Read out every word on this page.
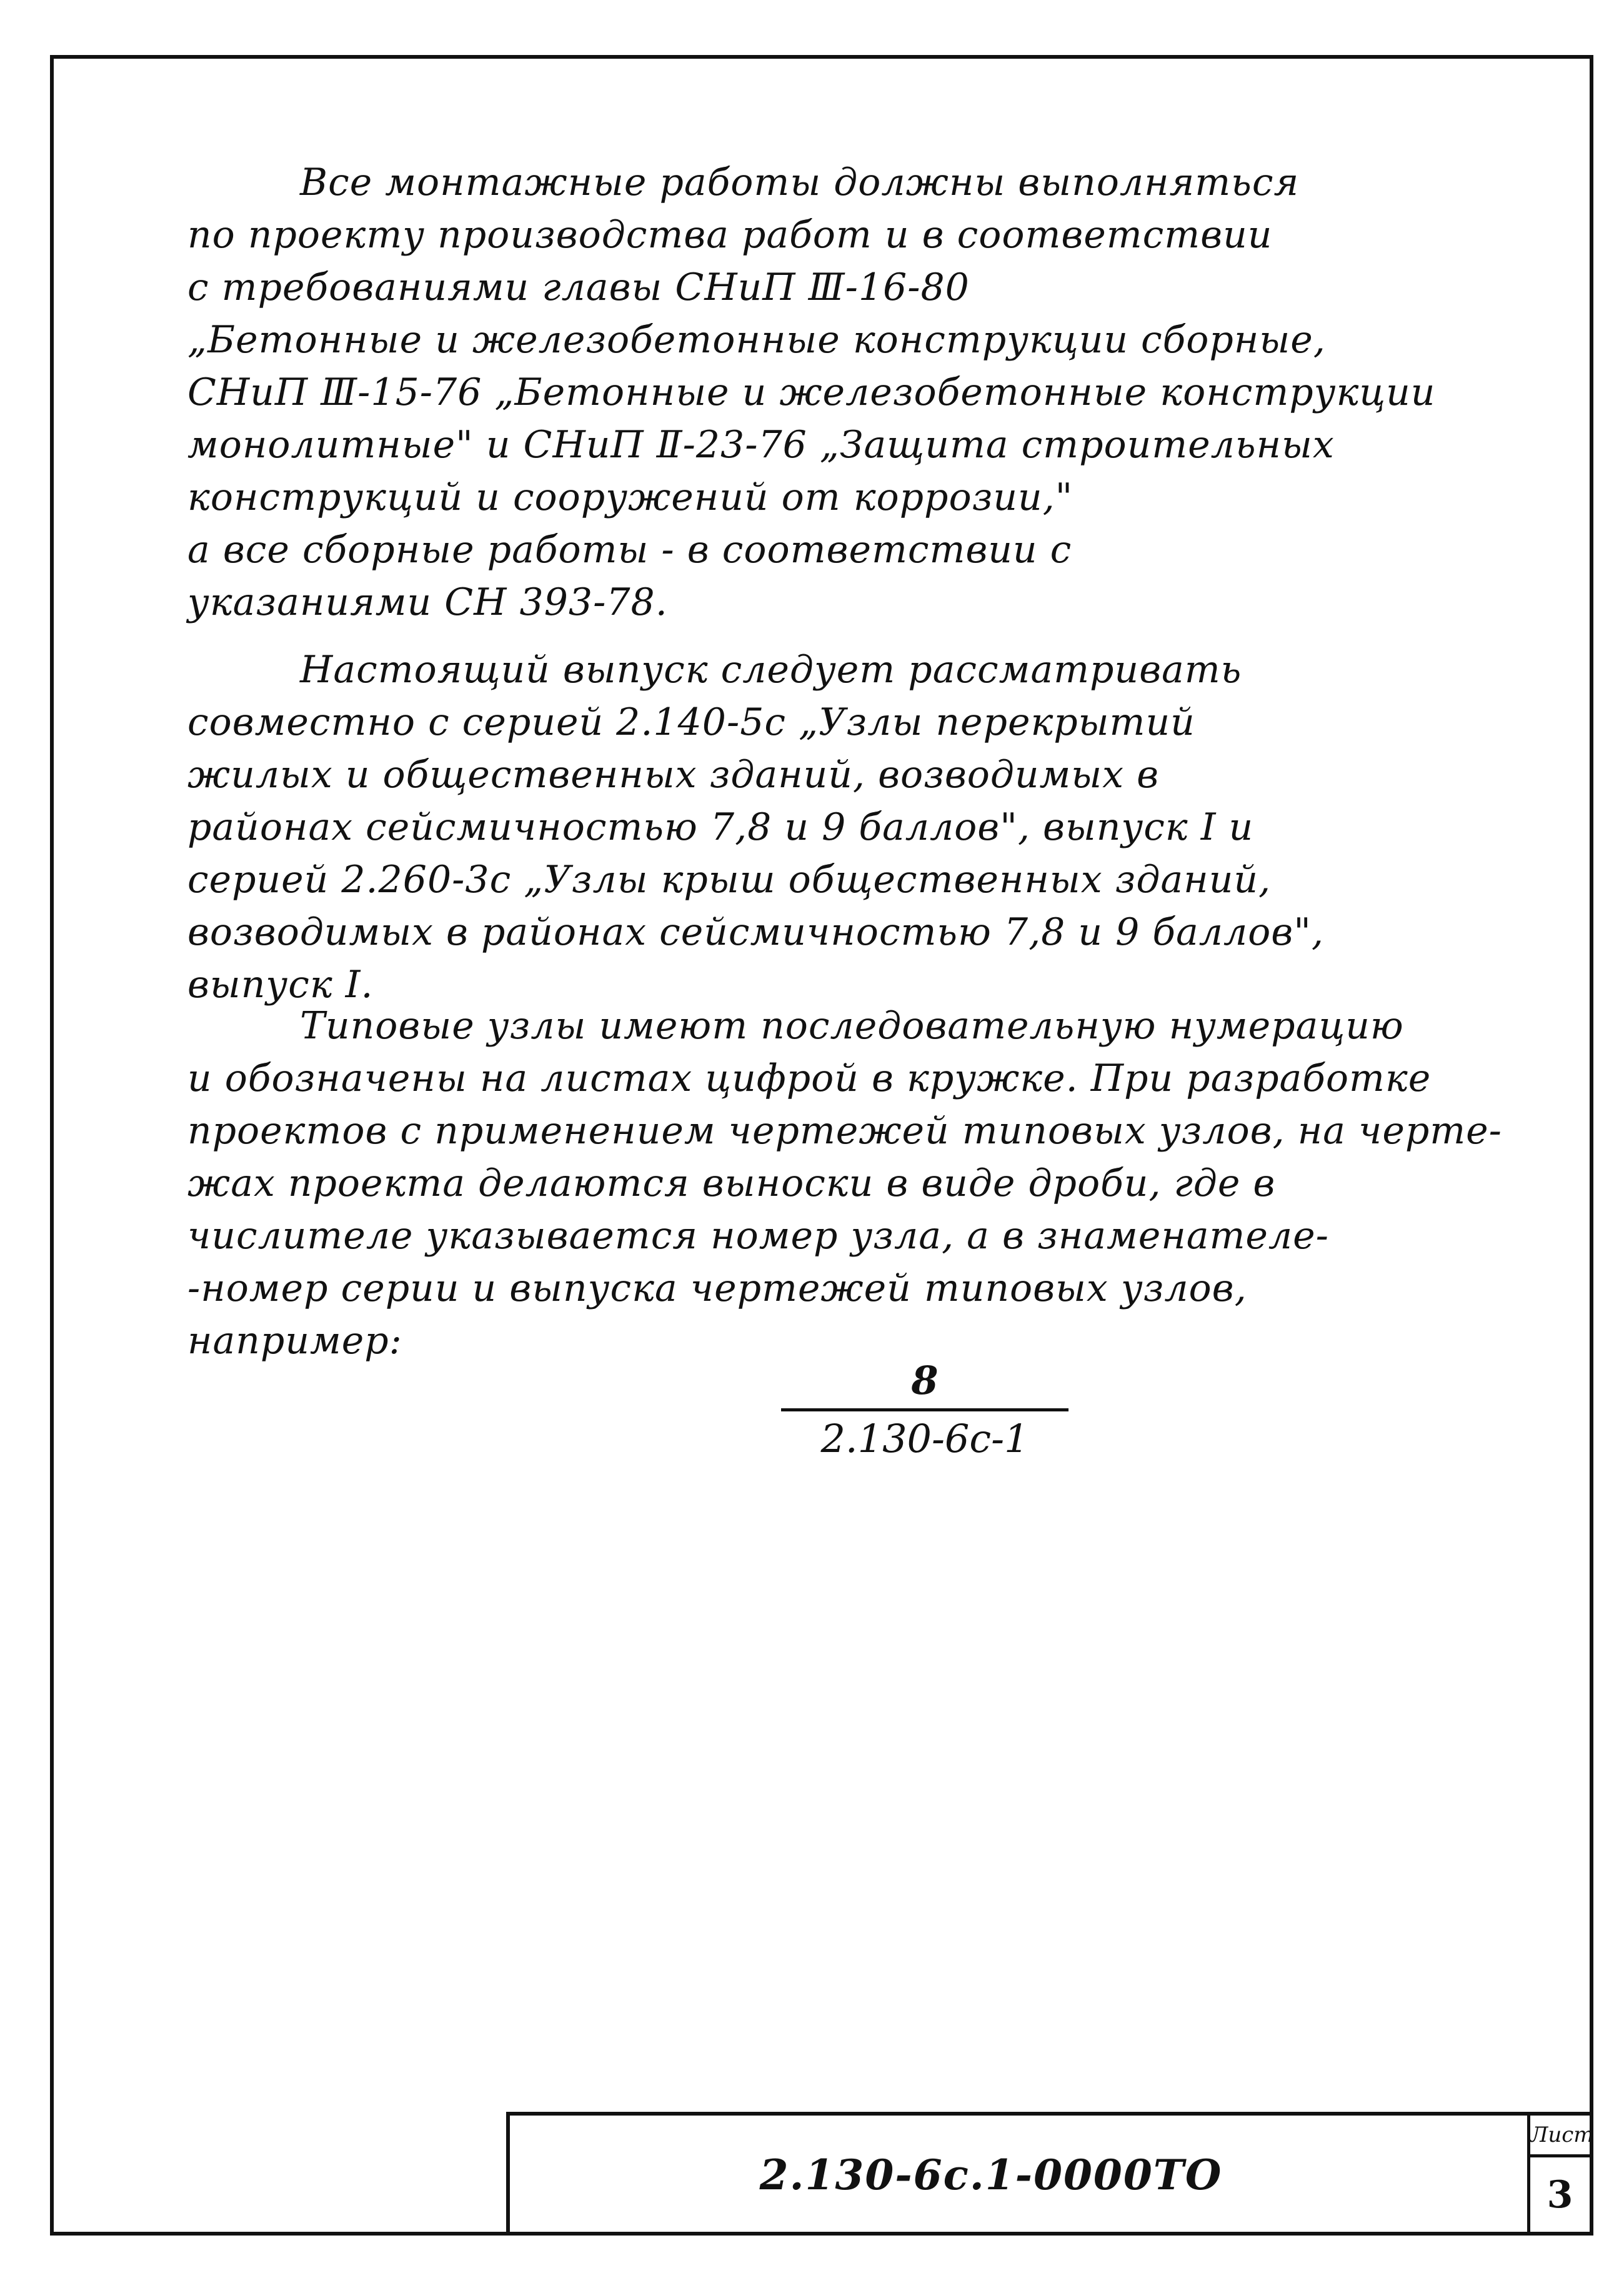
Все монтажные работы должны выполняться
по проекту производства работ и в соответствии
с требованиями главы СНиП Ⅲ-16-80
„Бетонные и железобетонные конструкции сборные,
СНиП Ⅲ-15-76 „Бетонные и железобетонные конструкции
монолитные" и СНиП Ⅱ-23-76 „Защита строительных
конструкций и сооружений от коррозии,"
а все сборные работы - в соответствии с
указаниями СН 393-78.

Настоящий выпуск следует рассматривать
совместно с серией 2.140-5с „Узлы перекрытий
жилых и общественных зданий, возводимых в
районах сейсмичностью 7,8 и 9 баллов", выпуск I и
серией 2.260-3с „Узлы крыш общественных зданий,
возводимых в районах сейсмичностью 7,8 и 9 баллов",
выпуск I.

Типовые узлы имеют последовательную нумерацию
и обозначены на листах цифрой в кружке. При разработке
проектов с применением чертежей типовых узлов, на черте-
жах проекта делаются выноски в виде дроби, где в
числителе указывается номер узла, а в знаменателе-
-номер серии и выпуска чертежей типовых узлов,
например:

8
2.130-6с-1
2.130-6с.1-0000ТО
Лист
3
